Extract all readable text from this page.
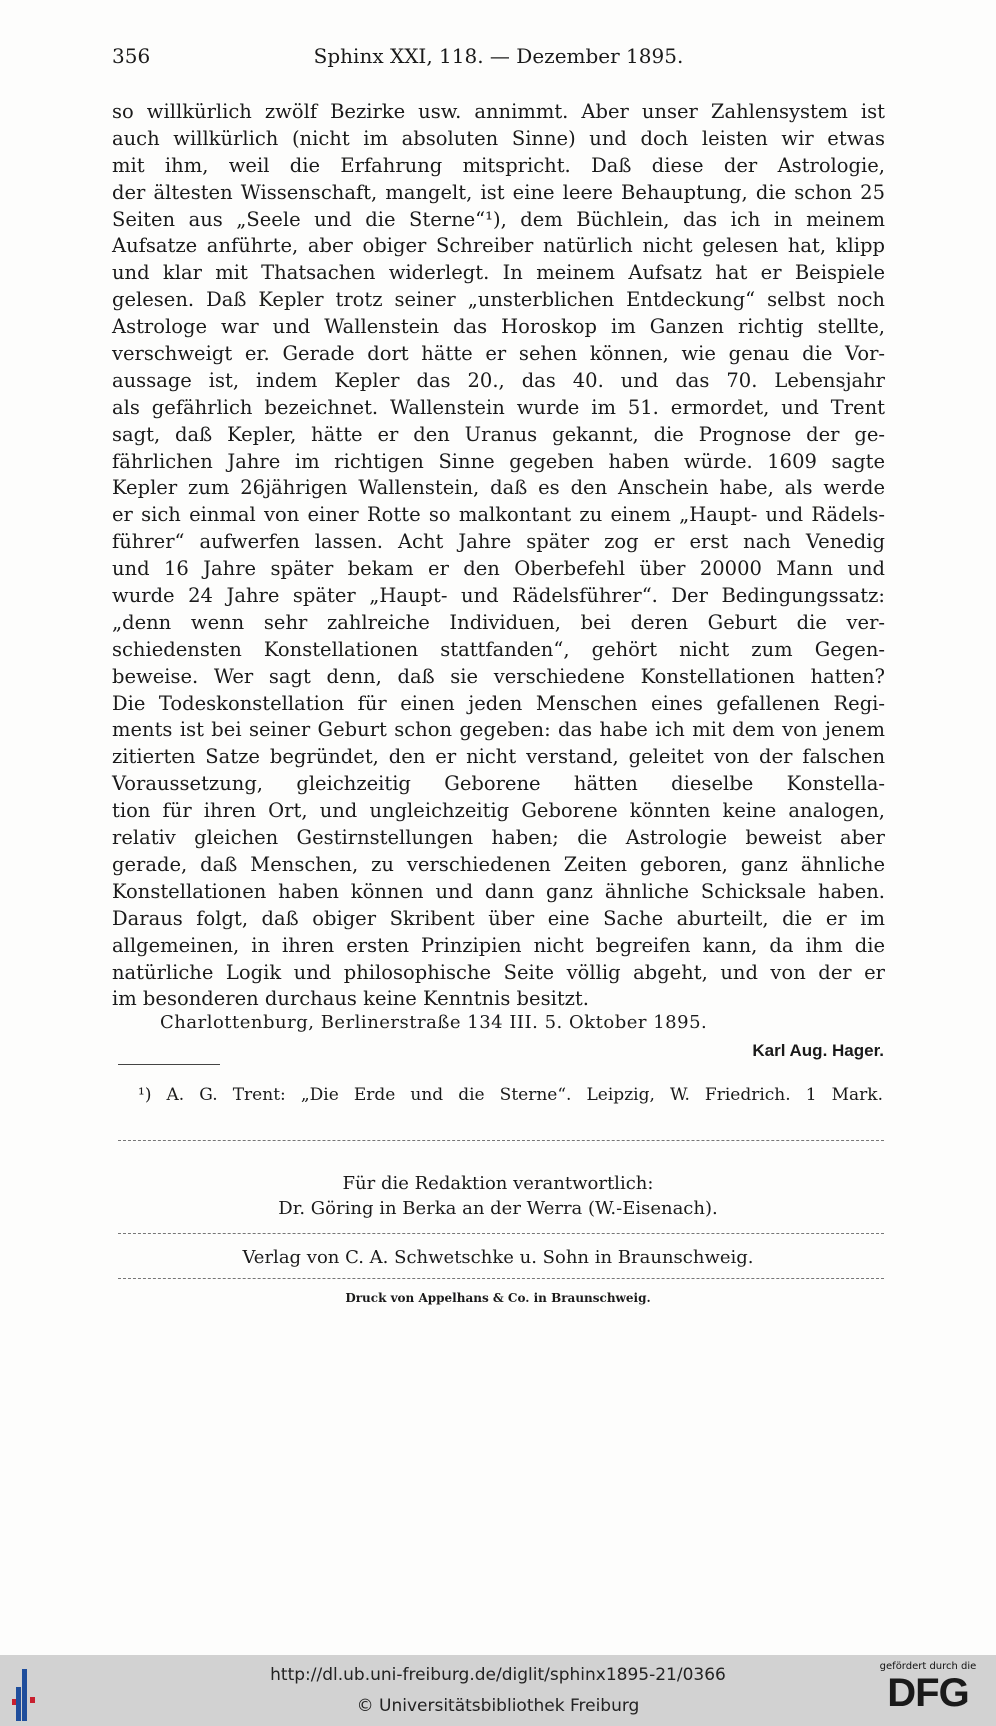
356	Sphinx XXI, 118. — Dezember 1895.
so willkürlich zwölf Bezirke usw. annimmt. Aber unser Zahlensystem ist
auch willkürlich (nicht im absoluten Sinne) und doch leisten wir etwas
mit ihm, weil die Erfahrung mitspricht. Daß diese der Astrologie,
der ältesten Wissenschaft, mangelt, ist eine leere Behauptung, die schon 25
Seiten aus „Seele und die Sterne“¹), dem Büchlein, das ich in meinem
Aufsatze anführte, aber obiger Schreiber natürlich nicht gelesen hat, klipp
und klar mit Thatsachen widerlegt. In meinem Aufsatz hat er Beispiele
gelesen. Daß Kepler trotz seiner „unsterblichen Entdeckung“ selbst noch
Astrologe war und Wallenstein das Horoskop im Ganzen richtig stellte,
verschweigt er. Gerade dort hätte er sehen können, wie genau die Vor-
aussage ist, indem Kepler das 20., das 40. und das 70. Lebensjahr
als gefährlich bezeichnet. Wallenstein wurde im 51. ermordet, und Trent
sagt, daß Kepler, hätte er den Uranus gekannt, die Prognose der ge-
fährlichen Jahre im richtigen Sinne gegeben haben würde. 1609 sagte
Kepler zum 26jährigen Wallenstein, daß es den Anschein habe, als werde
er sich einmal von einer Rotte so malkontant zu einem „Haupt- und Rädels-
führer“ aufwerfen lassen. Acht Jahre später zog er erst nach Venedig
und 16 Jahre später bekam er den Oberbefehl über 20000 Mann und
wurde 24 Jahre später „Haupt- und Rädelsführer“. Der Bedingungssatz:
„denn wenn sehr zahlreiche Individuen, bei deren Geburt die ver-
schiedensten Konstellationen stattfanden“, gehört nicht zum Gegen-
beweise. Wer sagt denn, daß sie verschiedene Konstellationen hatten?
Die Todeskonstellation für einen jeden Menschen eines gefallenen Regi-
ments ist bei seiner Geburt schon gegeben: das habe ich mit dem von jenem
zitierten Satze begründet, den er nicht verstand, geleitet von der falschen
Voraussetzung, gleichzeitig Geborene hätten dieselbe Konstella-
tion für ihren Ort, und ungleichzeitig Geborene könnten keine analogen,
relativ gleichen Gestirnstellungen haben; die Astrologie beweist aber
gerade, daß Menschen, zu verschiedenen Zeiten geboren, ganz ähnliche
Konstellationen haben können und dann ganz ähnliche Schicksale haben.
Daraus folgt, daß obiger Skribent über eine Sache aburteilt, die er im
allgemeinen, in ihren ersten Prinzipien nicht begreifen kann, da ihm die
natürliche Logik und philosophische Seite völlig abgeht, und von der er
im besonderen durchaus keine Kenntnis besitzt.
Charlottenburg, Berlinerstraße 134 III. 5. Oktober 1895.
Karl Aug. Hager.
¹) A. G. Trent: „Die Erde und die Sterne“. Leipzig, W. Friedrich. 1 Mark.
Für die Redaktion verantwortlich:
Dr. Göring in Berka an der Werra (W.-Eisenach).
Verlag von C. A. Schwetschke u. Sohn in Braunschweig.
Druck von Appelhans & Co. in Braunschweig.
http://dl.ub.uni-freiburg.de/diglit/sphinx1895-21/0366
© Universitätsbibliothek Freiburg
gefördert durch die
DFG
